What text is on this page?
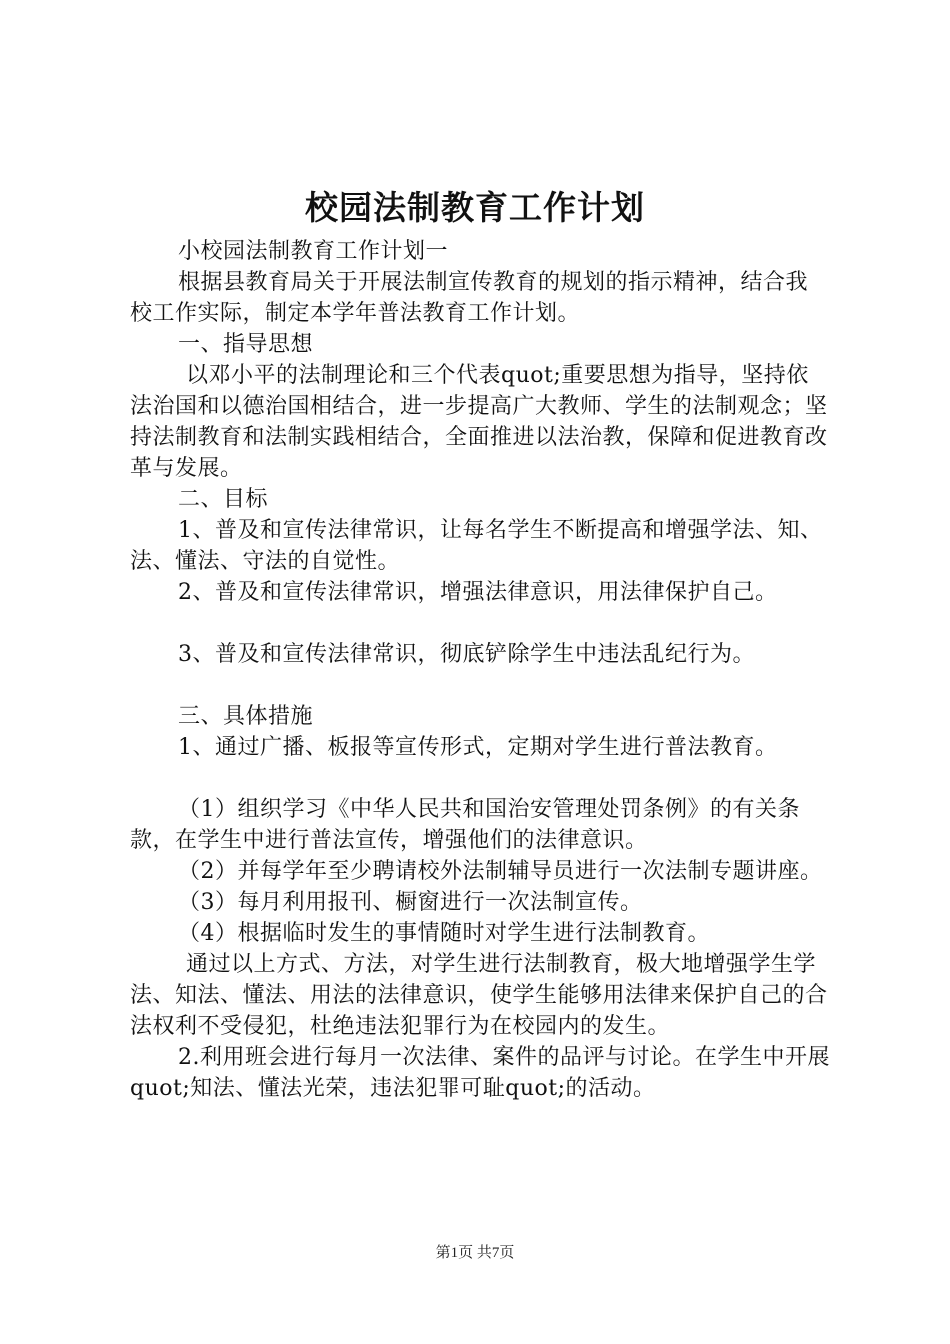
校园法制教育工作计划

小校园法制教育工作计划一

根据县教育局关于开展法制宣传教育的规划的指示精神，结合我校工作实际，制定本学年普法教育工作计划。

一、指导思想

以邓小平的法制理论和三个代表quot;重要思想为指导，坚持依法治国和以德治国相结合，进一步提高广大教师、学生的法制观念；坚持法制教育和法制实践相结合，全面推进以法治教，保障和促进教育改革与发展。

二、目标

1、普及和宣传法律常识，让每名学生不断提高和增强学法、知、法、懂法、守法的自觉性。

2、普及和宣传法律常识，增强法律意识，用法律保护自己。

3、普及和宣传法律常识，彻底铲除学生中违法乱纪行为。

三、具体措施

1、通过广播、板报等宣传形式，定期对学生进行普法教育。

（1）组织学习《中华人民共和国治安管理处罚条例》的有关条款，在学生中进行普法宣传，增强他们的法律意识。

（2）并每学年至少聘请校外法制辅导员进行一次法制专题讲座。

（3）每月利用报刊、橱窗进行一次法制宣传。

（4）根据临时发生的事情随时对学生进行法制教育。

通过以上方式、方法，对学生进行法制教育，极大地增强学生学法、知法、懂法、用法的法律意识，使学生能够用法律来保护自己的合法权利不受侵犯，杜绝违法犯罪行为在校园内的发生。

2.利用班会进行每月一次法律、案件的品评与讨论。在学生中开展quot;知法、懂法光荣，违法犯罪可耻quot;的活动。

第1页 共7页
